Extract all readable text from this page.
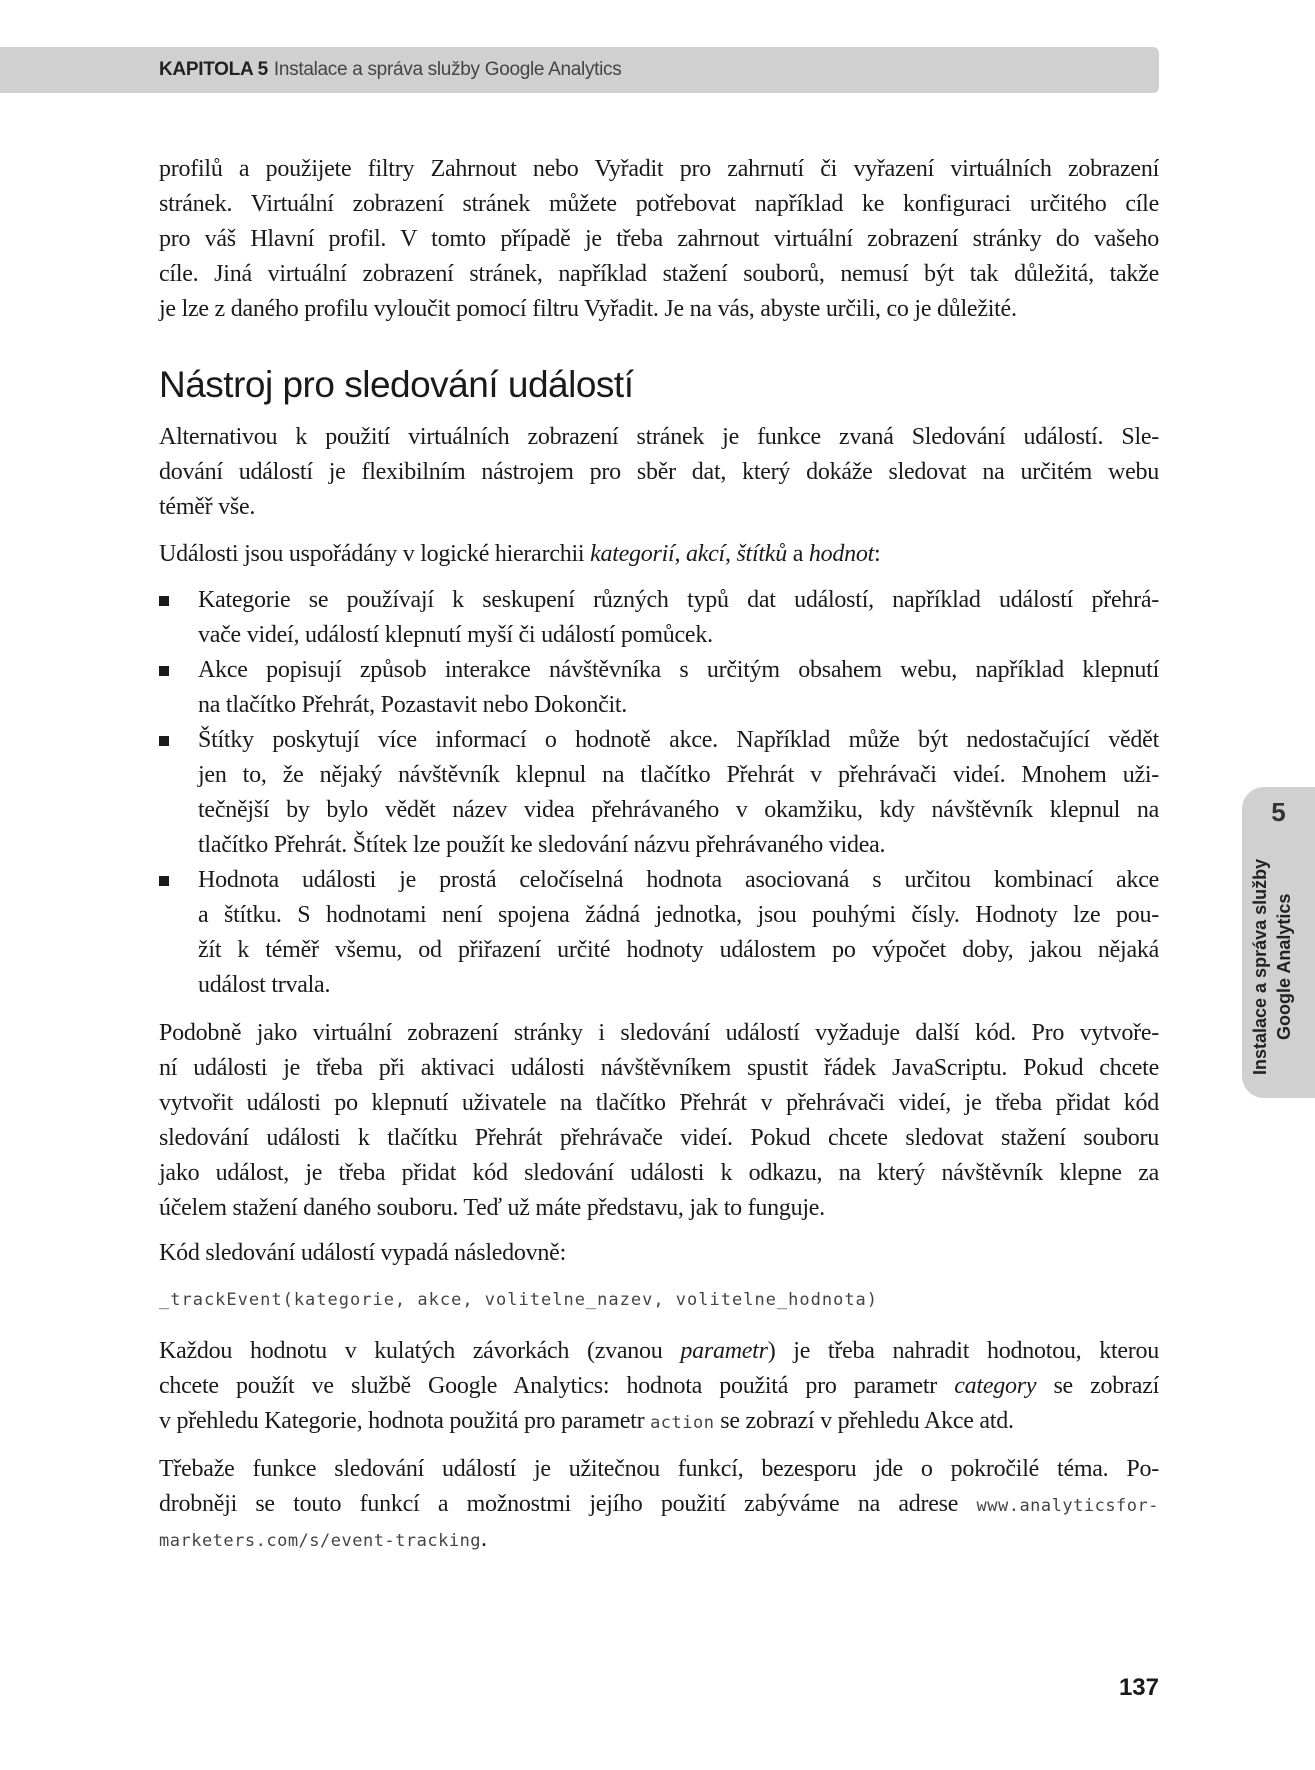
KAPITOLA 5 Instalace a správa služby Google Analytics
Nástroj pro sledování událostí
_trackEvent(kategorie, akce, volitelne_nazev, volitelne_hodnota)
profilů a použijete filtry Zahrnout nebo Vyřadit pro zahrnutí či vyřazení virtuálních zobrazení
stránek. Virtuální zobrazení stránek můžete potřebovat například ke konfiguraci určitého cíle
pro váš Hlavní profil. V tomto případě je třeba zahrnout virtuální zobrazení stránky do vašeho
cíle. Jiná virtuální zobrazení stránek, například stažení souborů, nemusí být tak důležitá, takže
je lze z daného profilu vyloučit pomocí filtru Vyřadit. Je na vás, abyste určili, co je důležité.
Alternativou k použití virtuálních zobrazení stránek je funkce zvaná Sledování událostí. Sle-
dování událostí je flexibilním nástrojem pro sběr dat, který dokáže sledovat na určitém webu
téměř vše.
Události jsou uspořádány v logické hierarchii kategorií, akcí, štítků a hodnot:
Kategorie se používají k seskupení různých typů dat událostí, například událostí přehrá-
vače videí, událostí klepnutí myší či událostí pomůcek.
Akce popisují způsob interakce návštěvníka s určitým obsahem webu, například klepnutí
na tlačítko Přehrát, Pozastavit nebo Dokončit.
Štítky poskytují více informací o hodnotě akce. Například může být nedostačující vědět
jen to, že nějaký návštěvník klepnul na tlačítko Přehrát v přehrávači videí. Mnohem uži-
tečnější by bylo vědět název videa přehrávaného v okamžiku, kdy návštěvník klepnul na
tlačítko Přehrát. Štítek lze použít ke sledování názvu přehrávaného videa.
Hodnota události je prostá celočíselná hodnota asociovaná s určitou kombinací akce
a štítku. S hodnotami není spojena žádná jednotka, jsou pouhými čísly. Hodnoty lze pou-
žít k téměř všemu, od přiřazení určité hodnoty událostem po výpočet doby, jakou nějaká
událost trvala.
Podobně jako virtuální zobrazení stránky i sledování událostí vyžaduje další kód. Pro vytvoře-
ní události je třeba při aktivaci události návštěvníkem spustit řádek JavaScriptu. Pokud chcete
vytvořit události po klepnutí uživatele na tlačítko Přehrát v přehrávači videí, je třeba přidat kód
sledování události k tlačítku Přehrát přehrávače videí. Pokud chcete sledovat stažení souboru
jako událost, je třeba přidat kód sledování události k odkazu, na který návštěvník klepne za
účelem stažení daného souboru. Teď už máte představu, jak to funguje.
Kód sledování událostí vypadá následovně:
Každou hodnotu v kulatých závorkách (zvanou parametr) je třeba nahradit hodnotou, kterou
chcete použít ve službě Google Analytics: hodnota použitá pro parametr category se zobrazí
v přehledu Kategorie, hodnota použitá pro parametr action se zobrazí v přehledu Akce atd.
Třebaže funkce sledování událostí je užitečnou funkcí, bezesporu jde o pokročilé téma. Po-
drobněji se touto funkcí a možnostmi jejího použití zabýváme na adrese www.analyticsfor-
marketers.com/s/event-tracking.
5
Instalace a správa služby Google Analytics
137
